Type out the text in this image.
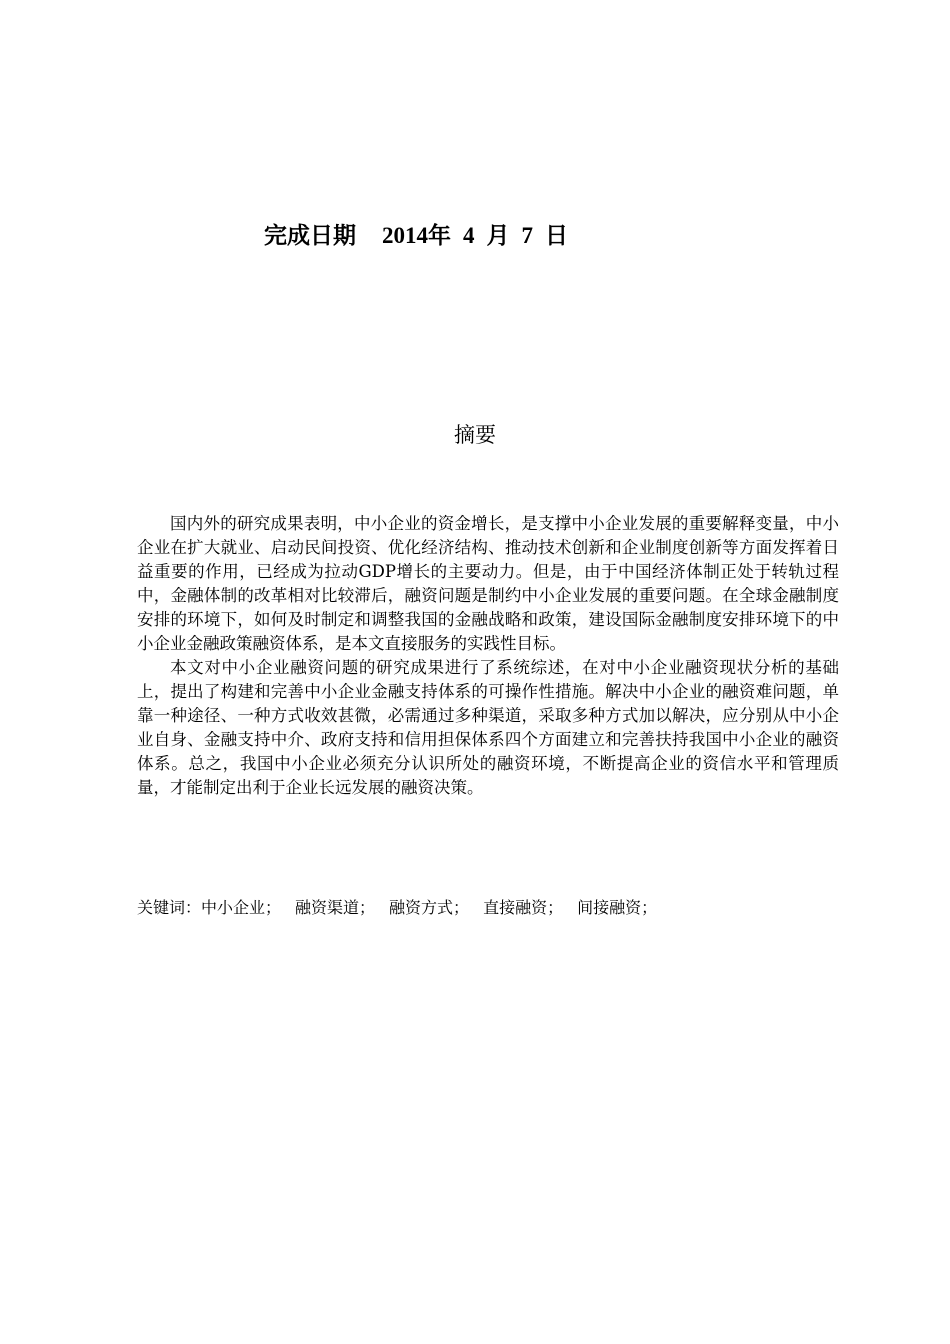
完成日期 2014年 4 月 7 日
摘要

国内外的研究成果表明，中小企业的资金增长，是支撑中小企业发展的重要解释变量，中小企业在扩大就业、启动民间投资、优化经济结构、推动技术创新和企业制度创新等方面发挥着日益重要的作用，已经成为拉动GDP增长的主要动力。但是，由于中国经济体制正处于转轨过程中，金融体制的改革相对比较滞后，融资问题是制约中小企业发展的重要问题。在全球金融制度安排的环境下，如何及时制定和调整我国的金融战略和政策，建设国际金融制度安排环境下的中小企业金融政策融资体系，是本文直接服务的实践性目标。

本文对中小企业融资问题的研究成果进行了系统综述，在对中小企业融资现状分析的基础上，提出了构建和完善中小企业金融支持体系的可操作性措施。解决中小企业的融资难问题，单靠一种途径、一种方式收效甚微，必需通过多种渠道，采取多种方式加以解决，应分别从中小企业自身、金融支持中介、政府支持和信用担保体系四个方面建立和完善扶持我国中小企业的融资体系。总之，我国中小企业必须充分认识所处的融资环境，不断提高企业的资信水平和管理质量，才能制定出利于企业长远发展的融资决策。

关键词：中小企业； 融资渠道； 融资方式； 直接融资； 间接融资；
